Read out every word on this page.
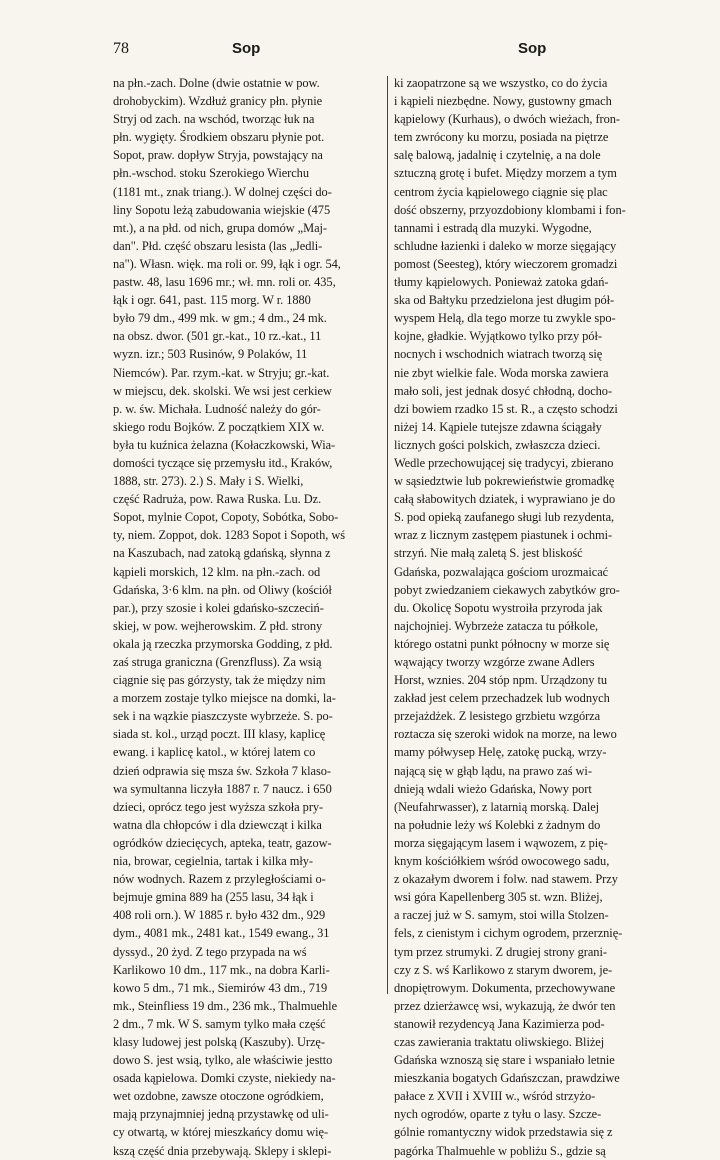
78	Sop	Sop
na płn.-zach. Dolne (dwie ostatnie w pow.
drohobyckim). Wzdłuż granicy płn. płynie
Stryj od zach. na wschód, tworząc łuk na
płn. wygięty. Środkiem obszaru płynie pot.
Sopot, praw. dopływ Stryja, powstający na
płn.-wschod. stoku Szerokiego Wierchu
(1181 mt., znak triang.). W dolnej części do-
liny Sopotu leżą zabudowania wiejskie (475
mt.), a na płd. od nich, grupa domów „Maj-
dan". Płd. część obszaru lesista (las „Jedli-
na"). Własn. więk. ma roli or. 99, łąk i ogr. 54,
pastw. 48, lasu 1696 mr.; wł. mn. roli or. 435,
łąk i ogr. 641, past. 115 morg. W r. 1880
było 79 dm., 499 mk. w gm.; 4 dm., 24 mk.
na obsz. dwor. (501 gr.-kat., 10 rz.-kat., 11
wyzn. izr.; 503 Rusinów, 9 Polaków, 11
Niemców). Par. rzym.-kat. w Stryju; gr.-kat.
w miejscu, dek. skolski. We wsi jest cerkiew
p. w. św. Michała. Ludność należy do gór-
skiego rodu Bojków. Z początkiem XIX w.
była tu kuźnica żelazna (Kołaczkowski, Wia-
domości tyczące się przemysłu itd., Kraków,
1888, str. 273). 2.) S. Mały i S. Wielki,
część Radruża, pow. Rawa Ruska. Lu. Dz.
Sopot, mylnie Copot, Copoty, Sobótka, Sobo-
ty, niem. Zoppot, dok. 1283 Sopot i Sopoth, wś
na Kaszubach, nad zatoką gdańską, słynna z
kąpieli morskich, 12 klm. na płn.-zach. od
Gdańska, 3·6 klm. na płn. od Oliwy (kościół
par.), przy szosie i kolei gdańsko-szczeciń-
skiej, w pow. wejherowskim. Z płd. strony
okala ją rzeczka przymorska Godding, z płd.
zaś struga graniczna (Grenzfluss). Za wsią
ciągnie się pas górzysty, tak że między nim
a morzem zostaje tylko miejsce na domki, la-
sek i na wązkie piaszczyste wybrzeże. S. po-
siada st. kol., urząd poczt. III klasy, kaplicę
ewang. i kaplicę katol., w której latem co
dzień odprawia się msza św. Szkoła 7 klaso-
wa symultanna liczyła 1887 r. 7 naucz. i 650
dzieci, oprócz tego jest wyższa szkoła pry-
watna dla chłopców i dla dziewcząt i kilka
ogródków dziecięcych, apteka, teatr, gazow-
nia, browar, cegielnia, tartak i kilka mły-
nów wodnych. Razem z przyległościami o-
bejmuje gmina 889 ha (255 lasu, 34 łąk i
408 roli orn.). W 1885 r. było 432 dm., 929
dym., 4081 mk., 2481 kat., 1549 ewang., 31
dyssyd., 20 żyd. Z tego przypada na wś
Karlikowo 10 dm., 117 mk., na dobra Karli-
kowo 5 dm., 71 mk., Siemirów 43 dm., 719
mk., Steinfliess 19 dm., 236 mk., Thalmuehle
2 dm., 7 mk. W S. samym tylko mała część
klasy ludowej jest polską (Kaszuby). Urzę-
dowo S. jest wsią, tylko, ale właściwie jestto
osada kąpielowa. Domki czyste, niekiedy na-
wet ozdobne, zawsze otoczone ogródkiem,
mają przynajmniej jedną przystawkę od uli-
cy otwartą, w której mieszkańcy domu wię-
kszą część dnia przebywają. Sklepy i sklepi-
ki zaopatrzone są we wszystko, co do życia
i kąpieli niezbędne. Nowy, gustowny gmach
kąpielowy (Kurhaus), o dwóch wieżach, fron-
tem zwrócony ku morzu, posiada na piętrze
salę balową, jadalnię i czytelnię, a na dole
sztuczną grotę i bufet. Między morzem a tym
centrom życia kąpielowego ciągnie się plac
dość obszerny, przyozdobiony klombami i fon-
tannami i estradą dla muzyki. Wygodne,
schludne łazienki i daleko w morze sięgający
pomost (Seesteg), który wieczorem gromadzi
tłumy kąpielowych. Ponieważ zatoka gdań-
ska od Bałtyku przedzielona jest długim pół-
wyspem Helą, dla tego morze tu zwykle spo-
kojne, gładkie. Wyjątkowo tylko przy pół-
nocnych i wschodnich wiatrach tworzą się
nie zbyt wielkie fale. Woda morska zawiera
mało soli, jest jednak dosyć chłodną, docho-
dzi bowiem rzadko 15 st. R., a często schodzi
niżej 14. Kąpiele tutejsze zdawna ściągały
licznych gości polskich, zwłaszcza dzieci.
Wedle przechowującej się tradycyi, zbierano
w sąsiedztwie lub pokrewieństwie gromadkę
całą słabowitych dziatek, i wyprawiano je do
S. pod opieką zaufanego sługi lub rezydenta,
wraz z licznym zastępem piastunek i ochmi-
strzyń. Nie małą zaletą S. jest bliskość
Gdańska, pozwalająca gościom urozmaicać
pobyt zwiedzaniem ciekawych zabytków gro-
du. Okolicę Sopotu wystroiła przyroda jak
najchojniej. Wybrzeże zatacza tu półkole,
którego ostatni punkt północny w morze się
wąwający tworzy wzgórze zwane Adlers
Horst, wznies. 204 stóp npm. Urządzony tu
zakład jest celem przechadzek lub wodnych
przejażdżek. Z lesistego grzbietu wzgórza
roztacza się szeroki widok na morze, na lewo
mamy półwysep Helę, zatokę pucką, wrzy-
nającą się w głąb lądu, na prawo zaś wi-
dnieją wdali wieżo Gdańska, Nowy port
(Neufahrwasser), z latarnią morską. Dalej
na południe leży wś Kolebki z żadnym do
morza sięgającym lasem i wąwozem, z pię-
knym kościółkiem wśród owocowego sadu,
z okazałym dworem i folw. nad stawem. Przy
wsi góra Kapellenberg 305 st. wzn. Bliżej,
a raczej już w S. samym, stoi willa Stolzen-
fels, z cienistym i cichym ogrodem, przerznię-
tym przez strumyki. Z drugiej strony grani-
czy z S. wś Karlikowo z starym dworem, je-
dnopiętrowym. Dokumenta, przechowywane
przez dzierżawcę wsi, wykazują, że dwór ten
stanowił rezydencyą Jana Kazimierza pod-
czas zawierania traktatu oliwskiego. Bliżej
Gdańska wznoszą się stare i wspaniało letnie
mieszkania bogatych Gdańszczan, prawdziwe
pałace z XVII i XVIII w., wśród strzyżo-
nych ogrodów, oparte z tyłu o lasy. Szcze-
gólnie romantyczny widok przedstawia się z
pagórka Thalmuehle w pobliżu S., gdzie są
